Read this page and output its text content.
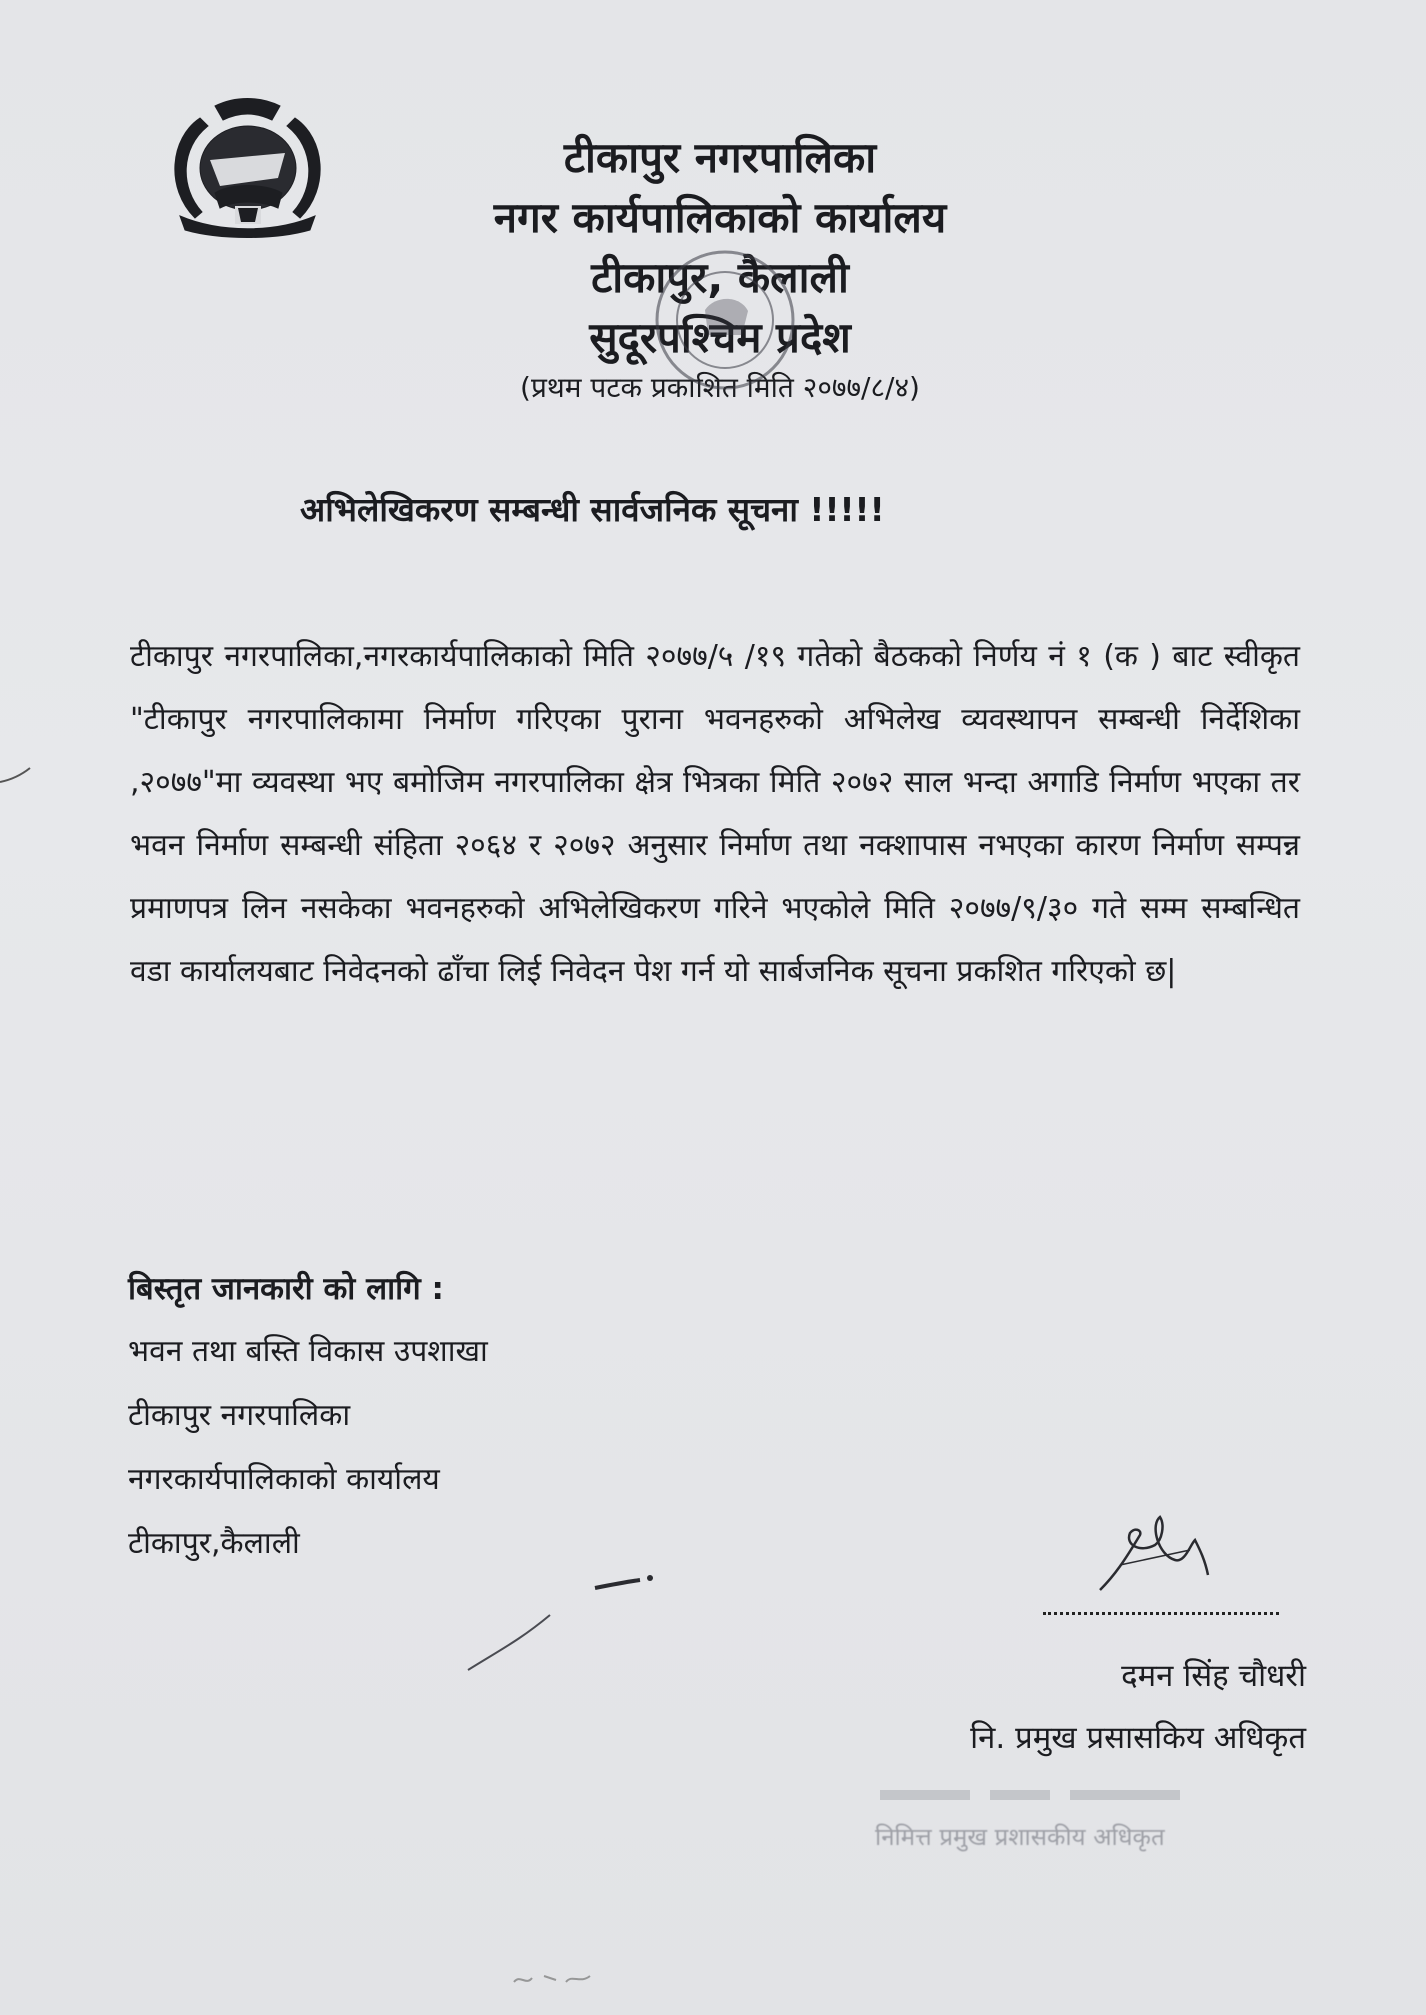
टीकापुर नगरपालिका
नगर कार्यपालिकाको कार्यालय
टीकापुर, कैलाली
सुदूरपश्चिम प्रदेश
(प्रथम पटक प्रकाशित मिति २०७७/८/४)
अभिलेखिकरण सम्बन्धी सार्वजनिक सूचना !!!!!
टीकापुर नगरपालिका,नगरकार्यपालिकाको मिति २०७७/५ /१९ गतेको बैठकको निर्णय नं १ (क ) बाट स्वीकृत "टीकापुर नगरपालिकामा निर्माण गरिएका पुराना भवनहरुको अभिलेख व्यवस्थापन सम्बन्धी निर्देशिका ,२०७७"मा व्यवस्था भए बमोजिम नगरपालिका क्षेत्र भित्रका मिति २०७२ साल भन्दा अगाडि निर्माण भएका तर भवन निर्माण सम्बन्धी संहिता २०६४ र २०७२ अनुसार निर्माण तथा नक्शापास नभएका कारण निर्माण सम्पन्न प्रमाणपत्र लिन नसकेका भवनहरुको अभिलेखिकरण गरिने भएकोले मिति २०७७/९/३० गते सम्म सम्बन्धित वडा कार्यालयबाट निवेदनको ढाँचा लिई निवेदन पेश गर्न यो सार्बजनिक सूचना प्रकशित गरिएको छ|
बिस्तृत जानकारी को लागि :
भवन तथा बस्ति विकास उपशाखा
टीकापुर नगरपालिका
नगरकार्यपालिकाको कार्यालय
टीकापुर,कैलाली
दमन सिंह चौधरी
नि. प्रमुख प्रसासकिय अधिकृत
निमित्त प्रमुख प्रशासकीय अधिकृत
